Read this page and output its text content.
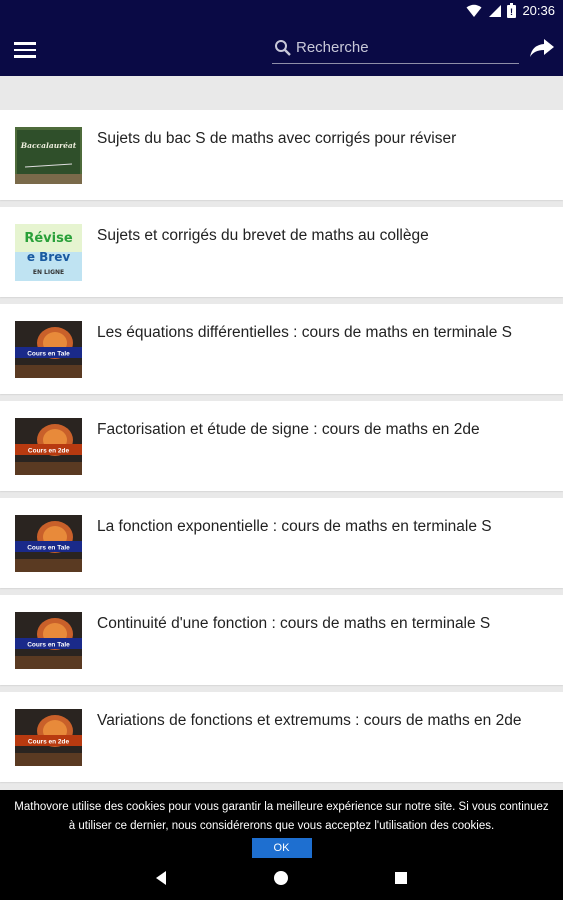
! 20:36
Recherche
Baccalauréat Sujets du bac S de maths avec corrigés pour réviser
Révise
e Brev
EN LIGNE
Sujets et corrigés du brevet de maths au collège
Cours en Tale
Les équations différentielles : cours de maths en terminale S
Cours en 2de
Factorisation et étude de signe : cours de maths en 2de
Cours en Tale
La fonction exponentielle : cours de maths en terminale S
Cours en Tale
Continuité d'une fonction : cours de maths en terminale S
Cours en 2de
Variations de fonctions et extremums : cours de maths en 2de
Mathovore utilise des cookies pour vous garantir la meilleure expérience sur notre site. Si vous continuez à utiliser ce dernier, nous considérerons que vous acceptez l'utilisation des cookies.
OK
